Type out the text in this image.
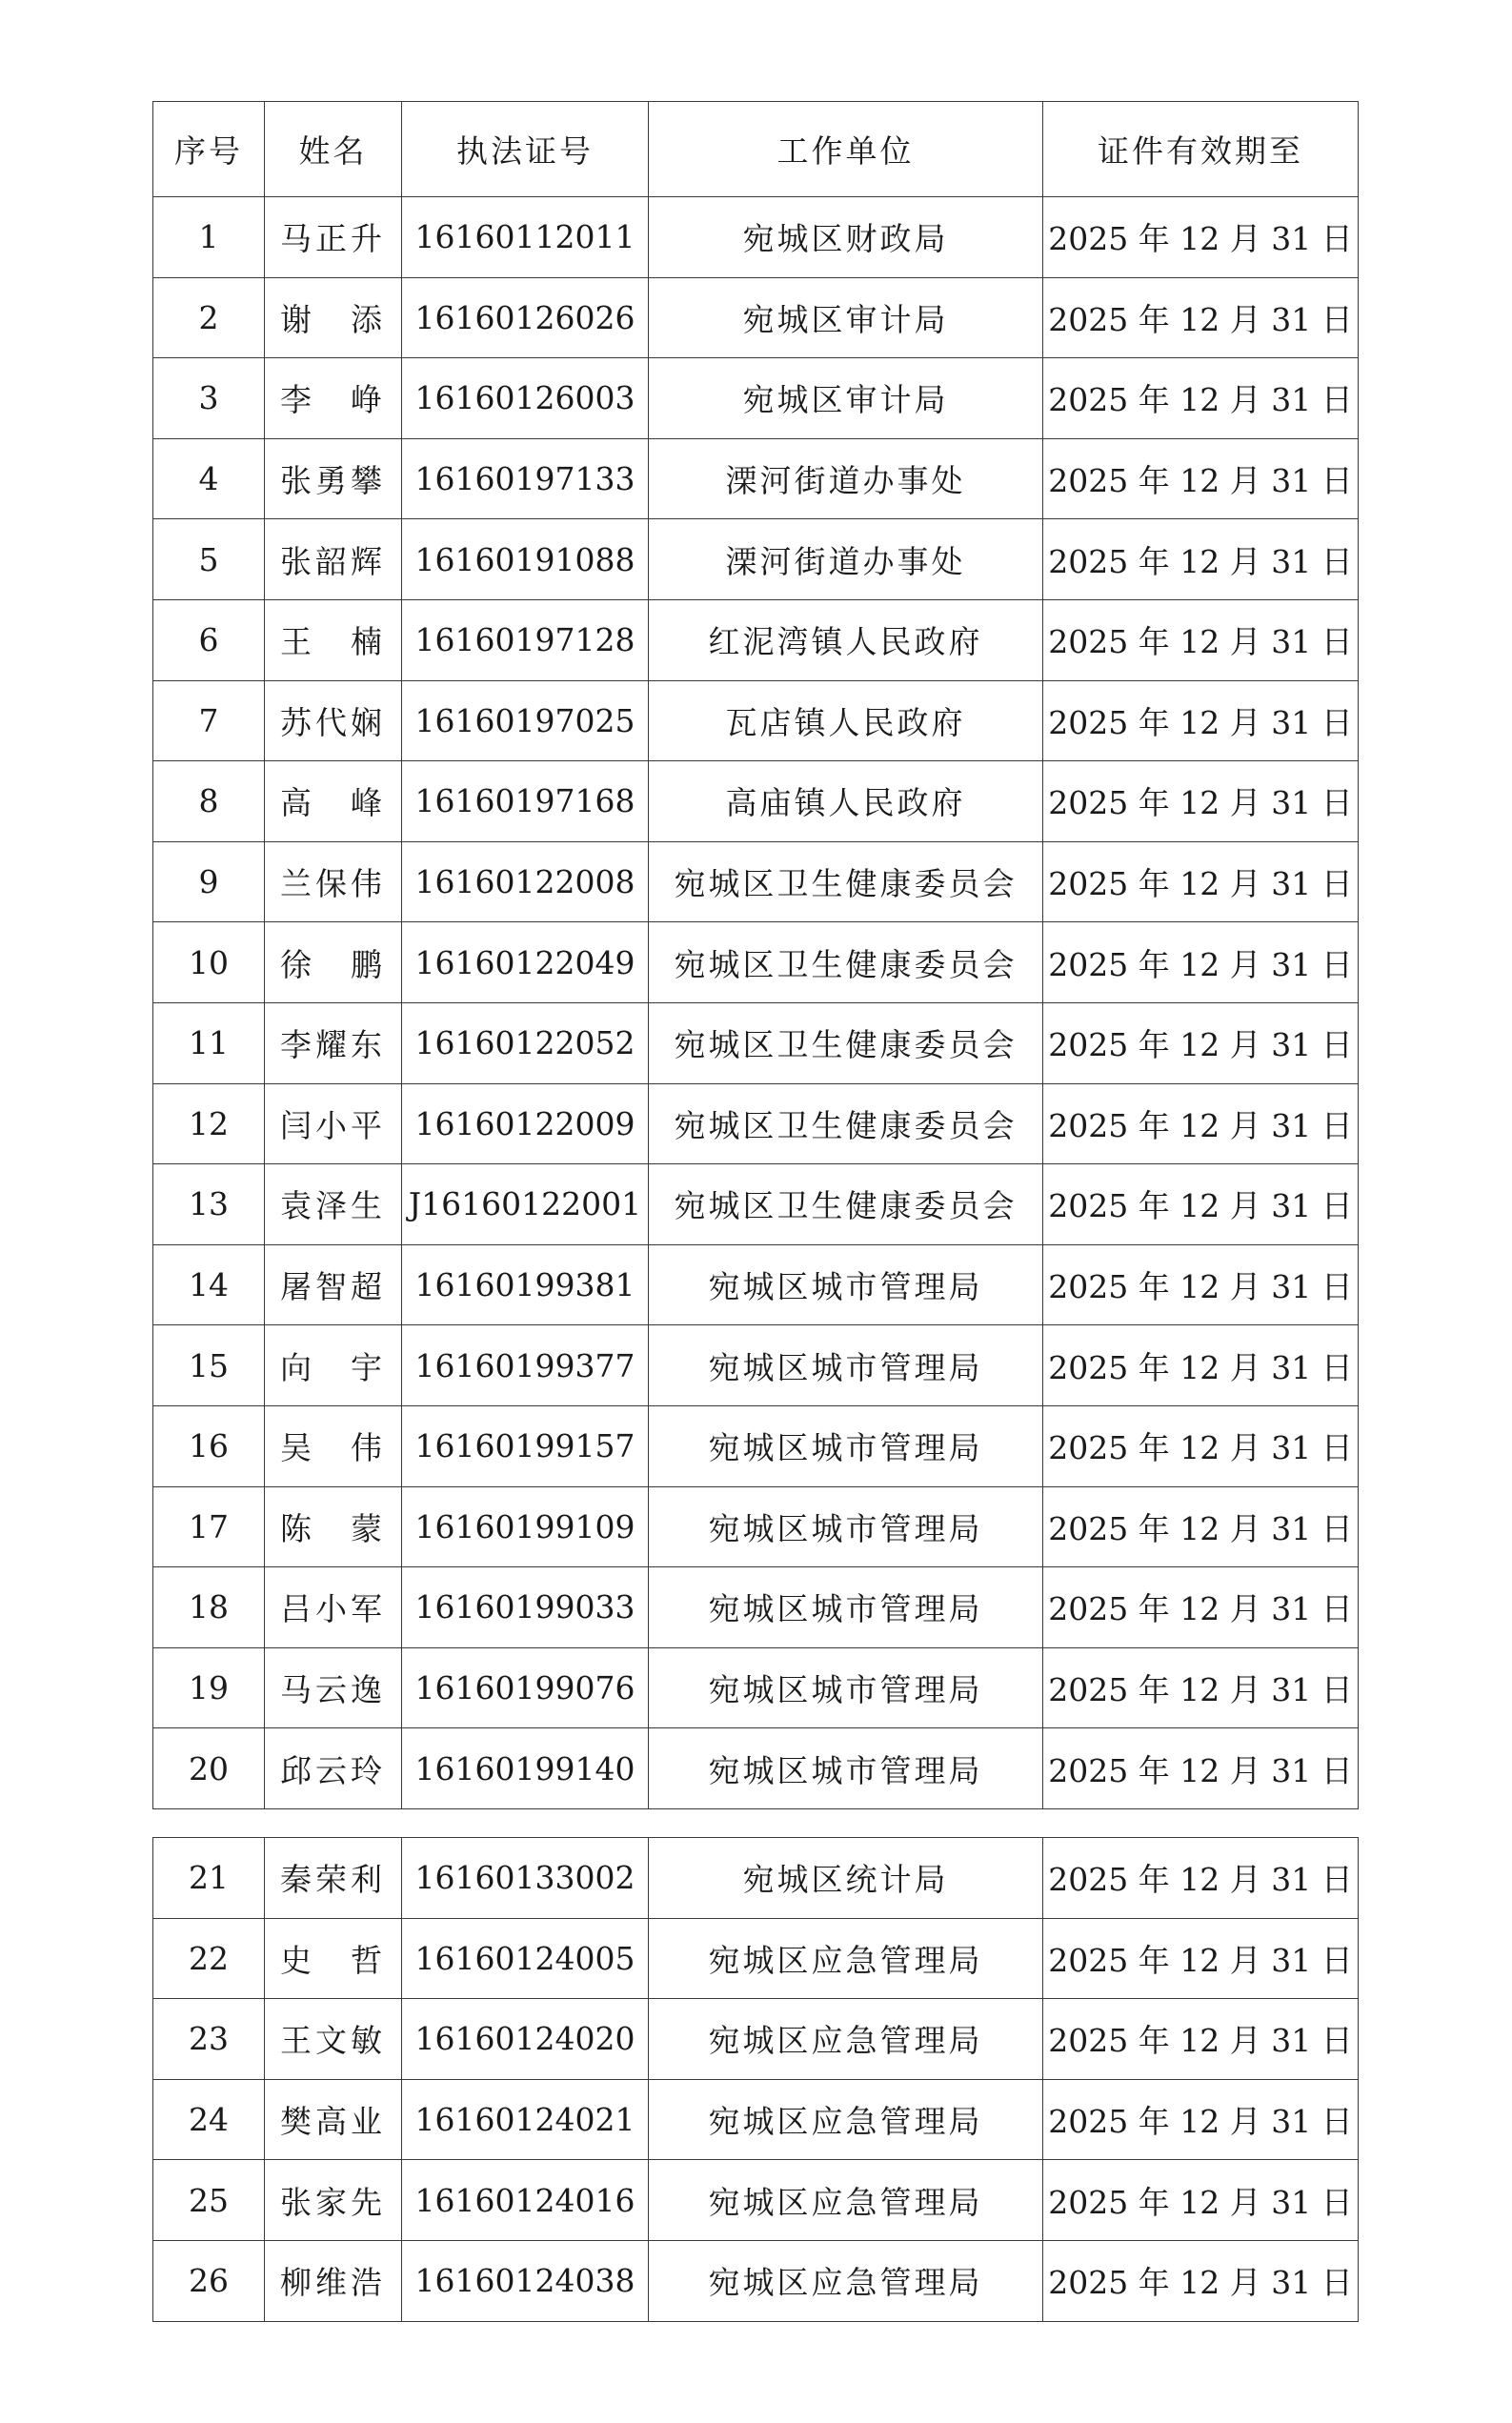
序号	姓名	执法证号	工作单位	证件有效期至
1	马正升	16160112011	宛城区财政局	2025 年 12 月 31 日
2	谢　添	16160126026	宛城区审计局	2025 年 12 月 31 日
3	李　峥	16160126003	宛城区审计局	2025 年 12 月 31 日
4	张勇攀	16160197133	溧河街道办事处	2025 年 12 月 31 日
5	张韶辉	16160191088	溧河街道办事处	2025 年 12 月 31 日
6	王　楠	16160197128	红泥湾镇人民政府	2025 年 12 月 31 日
7	苏代娴	16160197025	瓦店镇人民政府	2025 年 12 月 31 日
8	高　峰	16160197168	高庙镇人民政府	2025 年 12 月 31 日
9	兰保伟	16160122008	宛城区卫生健康委员会	2025 年 12 月 31 日
10	徐　鹏	16160122049	宛城区卫生健康委员会	2025 年 12 月 31 日
11	李耀东	16160122052	宛城区卫生健康委员会	2025 年 12 月 31 日
12	闫小平	16160122009	宛城区卫生健康委员会	2025 年 12 月 31 日
13	袁泽生	J16160122001	宛城区卫生健康委员会	2025 年 12 月 31 日
14	屠智超	16160199381	宛城区城市管理局	2025 年 12 月 31 日
15	向　宇	16160199377	宛城区城市管理局	2025 年 12 月 31 日
16	吴　伟	16160199157	宛城区城市管理局	2025 年 12 月 31 日
17	陈　蒙	16160199109	宛城区城市管理局	2025 年 12 月 31 日
18	吕小军	16160199033	宛城区城市管理局	2025 年 12 月 31 日
19	马云逸	16160199076	宛城区城市管理局	2025 年 12 月 31 日
20	邱云玲	16160199140	宛城区城市管理局	2025 年 12 月 31 日
21	秦荣利	16160133002	宛城区统计局	2025 年 12 月 31 日
22	史　哲	16160124005	宛城区应急管理局	2025 年 12 月 31 日
23	王文敏	16160124020	宛城区应急管理局	2025 年 12 月 31 日
24	樊高业	16160124021	宛城区应急管理局	2025 年 12 月 31 日
25	张家先	16160124016	宛城区应急管理局	2025 年 12 月 31 日
26	柳维浩	16160124038	宛城区应急管理局	2025 年 12 月 31 日
